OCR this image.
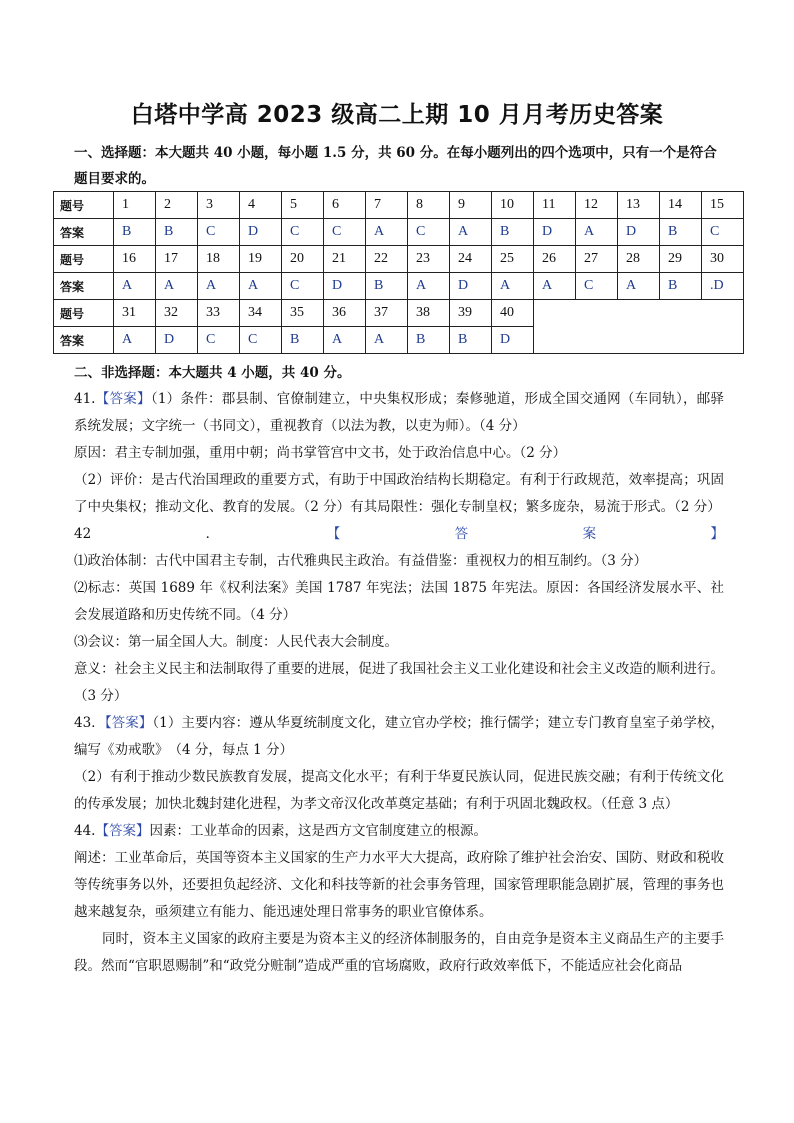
白塔中学高 2023 级高二上期 10 月月考历史答案
一、选择题：本大题共 40 小题，每小题 1.5 分，共 60 分。在每小题列出的四个选项中，只有一个是符合
题目要求的。
题号	1	2	3	4	5	6	7	8	9	10	11	12	13	14	15
答案	B	B	C	D	C	C	A	C	A	B	D	A	D	B	C
题号	16	17	18	19	20	21	22	23	24	25	26	27	28	29	30
答案	A	A	A	A	C	D	B	A	D	A	A	C	A	B	.D
题号	31	32	33	34	35	36	37	38	39	40					
答案	A	D	C	C	B	A	A	B	B	D					
二、非选择题：本大题共 4 小题，共 40 分。

41.【答案】（1）条件：郡县制、官僚制建立，中央集权形成；秦修驰道，形成全国交通网（车同轨），邮驿系统发展；文字统一（书同文），重视教育（以法为教，以吏为师）。（4 分）

原因：君主专制加强，重用中朝；尚书掌管宫中文书，处于政治信息中心。（2 分）

（2）评价：是古代治国理政的重要方式，有助于中国政治结构长期稳定。有利于行政规范，效率提高；巩固了中央集权；推动文化、教育的发展。（2 分）有其局限性：强化专制皇权；繁多庞杂，易流于形式。（2 分）

42．【答案】⑴政治体制：古代中国君主专制，古代雅典民主政治。有益借鉴：重视权力的相互制约。（3 分）

⑵标志：英国 1689 年《权利法案》美国 1787 年宪法；法国 1875 年宪法。原因：各国经济发展水平、社会发展道路和历史传统不同。（4 分）

⑶会议：第一届全国人大。制度：人民代表大会制度。

意义：社会主义民主和法制取得了重要的进展，促进了我国社会主义工业化建设和社会主义改造的顺利进行。（3 分）

43．【答案】（1）主要内容：遵从华夏统制度文化，建立官办学校；推行儒学；建立专门教育皇室子弟学校，编写《劝戒歌》　（4 分，每点 1 分）

（2）有利于推动少数民族教育发展，提高文化水平；有利于华夏民族认同，促进民族交融；有利于传统文化的传承发展；加快北魏封建化进程，为孝文帝汉化改革奠定基础；有利于巩固北魏政权。（任意 3 点）

44.【答案】因素：工业革命的因素，这是西方文官制度建立的根源。

阐述：工业革命后，英国等资本主义国家的生产力水平大大提高，政府除了维护社会治安、国防、财政和税收等传统事务以外，还要担负起经济、文化和科技等新的社会事务管理，国家管理职能急剧扩展，管理的事务也越来越复杂，亟须建立有能力、能迅速处理日常事务的职业官僚体系。

同时，资本主义国家的政府主要是为资本主义的经济体制服务的，自由竞争是资本主义商品生产的主要手段。然而“官职恩赐制”和“政党分赃制”造成严重的官场腐败，政府行政效率低下，不能适应社会化商品
